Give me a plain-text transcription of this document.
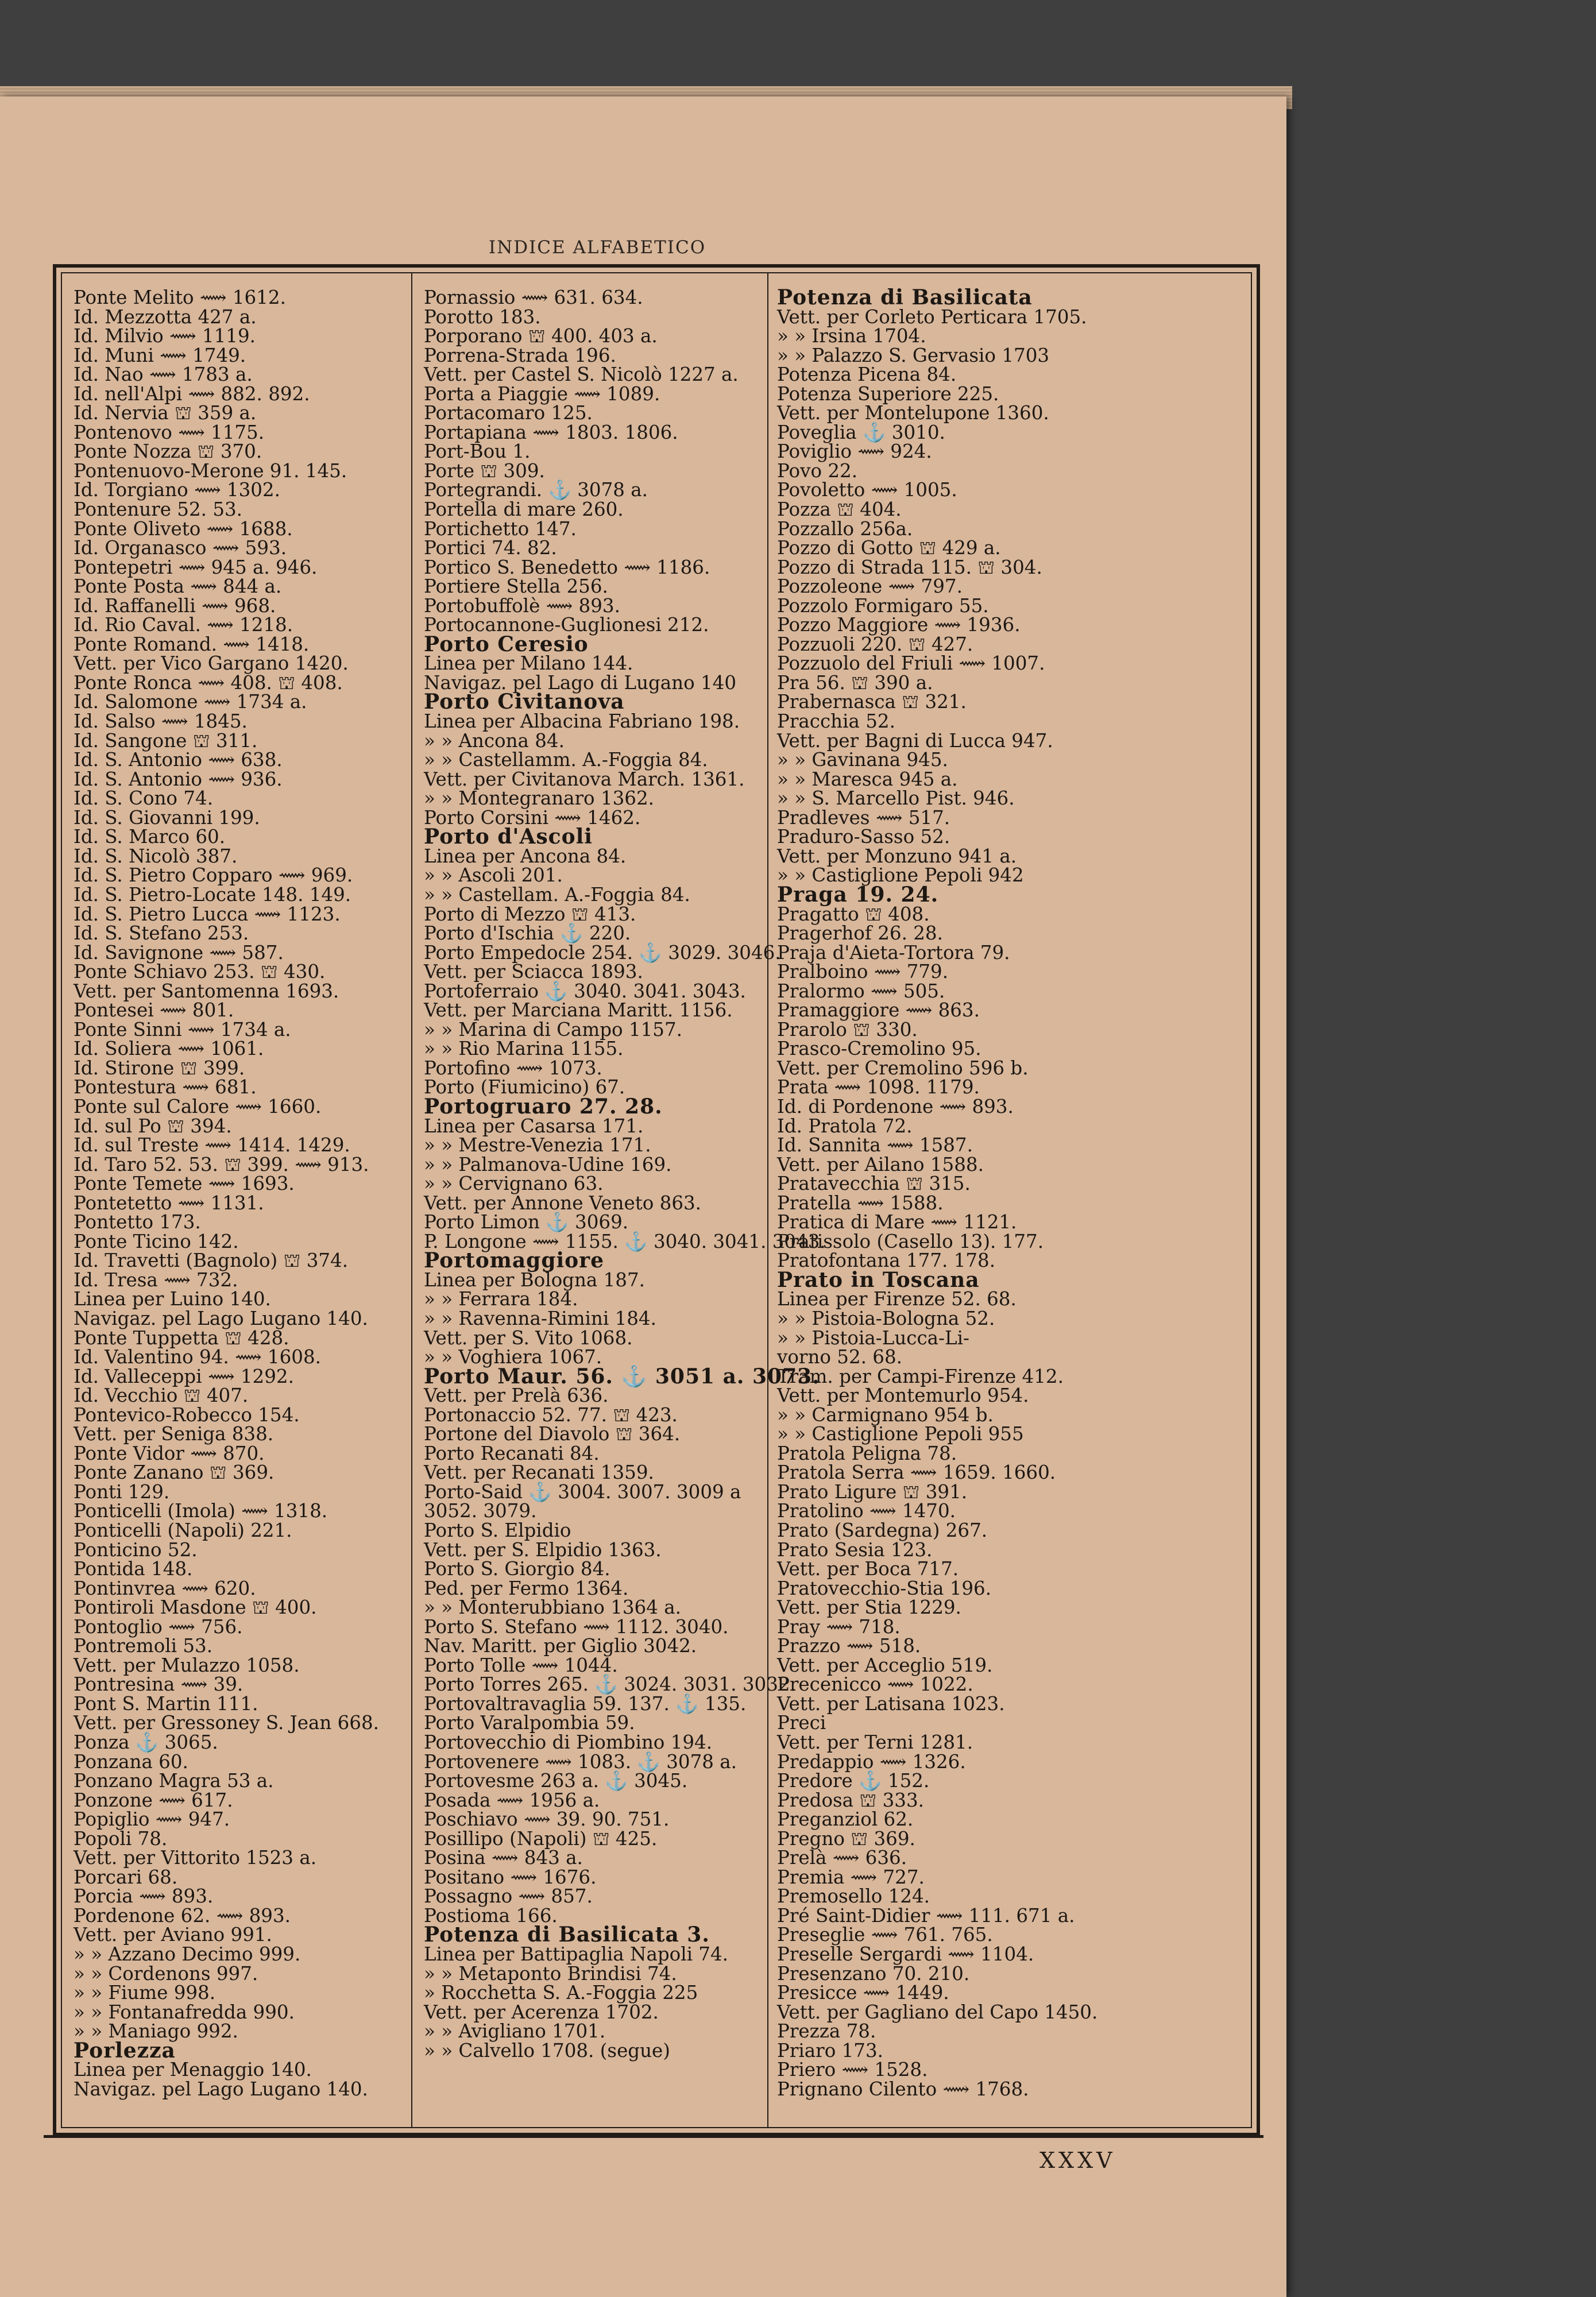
INDICE ALFABETICO
Ponte Melito ⟿ 1612.
Id. Mezzotta 427 a.
Id. Milvio ⟿ 1119.
Id. Muni ⟿ 1749.
Id. Nao ⟿ 1783 a.
Id. nell'Alpi ⟿ 882. 892.
Id. Nervia ⛫ 359 a.
Pontenovo ⟿ 1175.
Ponte Nozza ⛫ 370.
Pontenuovo-Merone 91. 145.
Id. Torgiano ⟿ 1302.
Pontenure 52. 53.
Ponte Oliveto ⟿ 1688.
Id. Organasco ⟿ 593.
Pontepetri ⟿ 945 a. 946.
Ponte Posta ⟿ 844 a.
Id. Raffanelli ⟿ 968.
Id. Rio Caval. ⟿ 1218.
Ponte Romand. ⟿ 1418.
Vett. per Vico Gargano 1420.
Ponte Ronca ⟿ 408. ⛫ 408.
Id. Salomone ⟿ 1734 a.
Id. Salso ⟿ 1845.
Id. Sangone ⛫ 311.
Id. S. Antonio ⟿ 638.
Id. S. Antonio ⟿ 936.
Id. S. Cono 74.
Id. S. Giovanni 199.
Id. S. Marco 60.
Id. S. Nicolò 387.
Id. S. Pietro Copparo ⟿ 969.
Id. S. Pietro-Locate 148. 149.
Id. S. Pietro Lucca ⟿ 1123.
Id. S. Stefano 253.
Id. Savignone ⟿ 587.
Ponte Schiavo 253. ⛫ 430.
Vett. per Santomenna 1693.
Pontesei ⟿ 801.
Ponte Sinni ⟿ 1734 a.
Id. Soliera ⟿ 1061.
Id. Stirone ⛫ 399.
Pontestura ⟿ 681.
Ponte sul Calore ⟿ 1660.
Id. sul Po ⛫ 394.
Id. sul Treste ⟿ 1414. 1429.
Id. Taro 52. 53. ⛫ 399. ⟿ 913.
Ponte Temete ⟿ 1693.
Pontetetto ⟿ 1131.
Pontetto 173.
Ponte Ticino 142.
Id. Travetti (Bagnolo) ⛫ 374.
Id. Tresa ⟿ 732.
Linea per Luino 140.
Navigaz. pel Lago Lugano 140.
Ponte Tuppetta ⛫ 428.
Id. Valentino 94. ⟿ 1608.
Id. Valleceppi ⟿ 1292.
Id. Vecchio ⛫ 407.
Pontevico-Robecco 154.
Vett. per Seniga 838.
Ponte Vidor ⟿ 870.
Ponte Zanano ⛫ 369.
Ponti 129.
Ponticelli (Imola) ⟿ 1318.
Ponticelli (Napoli) 221.
Ponticino 52.
Pontida 148.
Pontinvrea ⟿ 620.
Pontiroli Masdone ⛫ 400.
Pontoglio ⟿ 756.
Pontremoli 53.
Vett. per Mulazzo 1058.
Pontresina ⟿ 39.
Pont S. Martin 111.
Vett. per Gressoney S. Jean 668.
Ponza ⚓ 3065.
Ponzana 60.
Ponzano Magra 53 a.
Ponzone ⟿ 617.
Popiglio ⟿ 947.
Popoli 78.
Vett. per Vittorito 1523 a.
Porcari 68.
Porcia ⟿ 893.
Pordenone 62. ⟿ 893.
Vett. per Aviano 991.
» » Azzano Decimo 999.
» » Cordenons 997.
» » Fiume 998.
» » Fontanafredda 990.
» » Maniago 992.
Porlezza
Linea per Menaggio 140.
Navigaz. pel Lago Lugano 140.
Pornassio ⟿ 631. 634.
Porotto 183.
Porporano ⛫ 400. 403 a.
Porrena-Strada 196.
Vett. per Castel S. Nicolò 1227 a.
Porta a Piaggie ⟿ 1089.
Portacomaro 125.
Portapiana ⟿ 1803. 1806.
Port-Bou 1.
Porte ⛫ 309.
Portegrandi. ⚓ 3078 a.
Portella di mare 260.
Portichetto 147.
Portici 74. 82.
Portico S. Benedetto ⟿ 1186.
Portiere Stella 256.
Portobuffolè ⟿ 893.
Portocannone-Guglionesi 212.
Porto Ceresio
Linea per Milano 144.
Navigaz. pel Lago di Lugano 140
Porto Civitanova
Linea per Albacina Fabriano 198.
» » Ancona 84.
» » Castellamm. A.-Foggia 84.
Vett. per Civitanova March. 1361.
» » Montegranaro 1362.
Porto Corsini ⟿ 1462.
Porto d'Ascoli
Linea per Ancona 84.
» » Ascoli 201.
» » Castellam. A.-Foggia 84.
Porto di Mezzo ⛫ 413.
Porto d'Ischia ⚓ 220.
Porto Empedocle 254. ⚓ 3029. 3046.
Vett. per Sciacca 1893.
Portoferraio ⚓ 3040. 3041. 3043.
Vett. per Marciana Maritt. 1156.
» » Marina di Campo 1157.
» » Rio Marina 1155.
Portofino ⟿ 1073.
Porto (Fiumicino) 67.
Portogruaro 27. 28.
Linea per Casarsa 171.
» » Mestre-Venezia 171.
» » Palmanova-Udine 169.
» » Cervignano 63.
Vett. per Annone Veneto 863.
Porto Limon ⚓ 3069.
P. Longone ⟿ 1155. ⚓ 3040. 3041. 3043.
Portomaggiore
Linea per Bologna 187.
» » Ferrara 184.
» » Ravenna-Rimini 184.
Vett. per S. Vito 1068.
» » Voghiera 1067.
Porto Maur. 56. ⚓ 3051 a. 3073.
Vett. per Prelà 636.
Portonaccio 52. 77. ⛫ 423.
Portone del Diavolo ⛫ 364.
Porto Recanati 84.
Vett. per Recanati 1359.
Porto-Said ⚓ 3004. 3007. 3009 a
3052. 3079.
Porto S. Elpidio
Vett. per S. Elpidio 1363.
Porto S. Giorgio 84.
Ped. per Fermo 1364.
» » Monterubbiano 1364 a.
Porto S. Stefano ⟿ 1112. 3040.
Nav. Maritt. per Giglio 3042.
Porto Tolle ⟿ 1044.
Porto Torres 265. ⚓ 3024. 3031. 3032.
Portovaltravaglia 59. 137. ⚓ 135.
Porto Varalpombia 59.
Portovecchio di Piombino 194.
Portovenere ⟿ 1083. ⚓ 3078 a.
Portovesme 263 a. ⚓ 3045.
Posada ⟿ 1956 a.
Poschiavo ⟿ 39. 90. 751.
Posillipo (Napoli) ⛫ 425.
Posina ⟿ 843 a.
Positano ⟿ 1676.
Possagno ⟿ 857.
Postioma 166.
Potenza di Basilicata 3.
Linea per Battipaglia Napoli 74.
» » Metaponto Brindisi 74.
» Rocchetta S. A.-Foggia 225
Vett. per Acerenza 1702.
» » Avigliano 1701.
» » Calvello 1708. (segue)
Potenza di Basilicata
Vett. per Corleto Perticara 1705.
» » Irsina 1704.
» » Palazzo S. Gervasio 1703
Potenza Picena 84.
Potenza Superiore 225.
Vett. per Montelupone 1360.
Poveglia ⚓ 3010.
Poviglio ⟿ 924.
Povo 22.
Povoletto ⟿ 1005.
Pozza ⛫ 404.
Pozzallo 256a.
Pozzo di Gotto ⛫ 429 a.
Pozzo di Strada 115. ⛫ 304.
Pozzoleone ⟿ 797.
Pozzolo Formigaro 55.
Pozzo Maggiore ⟿ 1936.
Pozzuoli 220. ⛫ 427.
Pozzuolo del Friuli ⟿ 1007.
Pra 56. ⛫ 390 a.
Prabernasca ⛫ 321.
Pracchia 52.
Vett. per Bagni di Lucca 947.
» » Gavinana 945.
» » Maresca 945 a.
» » S. Marcello Pist. 946.
Pradleves ⟿ 517.
Praduro-Sasso 52.
Vett. per Monzuno 941 a.
» » Castiglione Pepoli 942
Praga 19. 24.
Pragatto ⛫ 408.
Pragerhof 26. 28.
Praja d'Aieta-Tortora 79.
Pralboino ⟿ 779.
Pralormo ⟿ 505.
Pramaggiore ⟿ 863.
Prarolo ⛫ 330.
Prasco-Cremolino 95.
Vett. per Cremolino 596 b.
Prata ⟿ 1098. 1179.
Id. di Pordenone ⟿ 893.
Id. Pratola 72.
Id. Sannita ⟿ 1587.
Vett. per Ailano 1588.
Pratavecchia ⛫ 315.
Pratella ⟿ 1588.
Pratica di Mare ⟿ 1121.
Pratissolo (Casello 13). 177.
Pratofontana 177. 178.
Prato in Toscana
Linea per Firenze 52. 68.
» » Pistoia-Bologna 52.
» » Pistoia-Lucca-Li-
vorno 52. 68.
Tram. per Campi-Firenze 412.
Vett. per Montemurlo 954.
» » Carmignano 954 b.
» » Castiglione Pepoli 955
Pratola Peligna 78.
Pratola Serra ⟿ 1659. 1660.
Prato Ligure ⛫ 391.
Pratolino ⟿ 1470.
Prato (Sardegna) 267.
Prato Sesia 123.
Vett. per Boca 717.
Pratovecchio-Stia 196.
Vett. per Stia 1229.
Pray ⟿ 718.
Prazzo ⟿ 518.
Vett. per Acceglio 519.
Precenicco ⟿ 1022.
Vett. per Latisana 1023.
Preci
Vett. per Terni 1281.
Predappio ⟿ 1326.
Predore ⚓ 152.
Predosa ⛫ 333.
Preganziol 62.
Pregno ⛫ 369.
Prelà ⟿ 636.
Premia ⟿ 727.
Premosello 124.
Pré Saint-Didier ⟿ 111. 671 a.
Preseglie ⟿ 761. 765.
Preselle Sergardi ⟿ 1104.
Presenzano 70. 210.
Presicce ⟿ 1449.
Vett. per Gagliano del Capo 1450.
Prezza 78.
Priaro 173.
Priero ⟿ 1528.
Prignano Cilento ⟿ 1768.
XXXV
